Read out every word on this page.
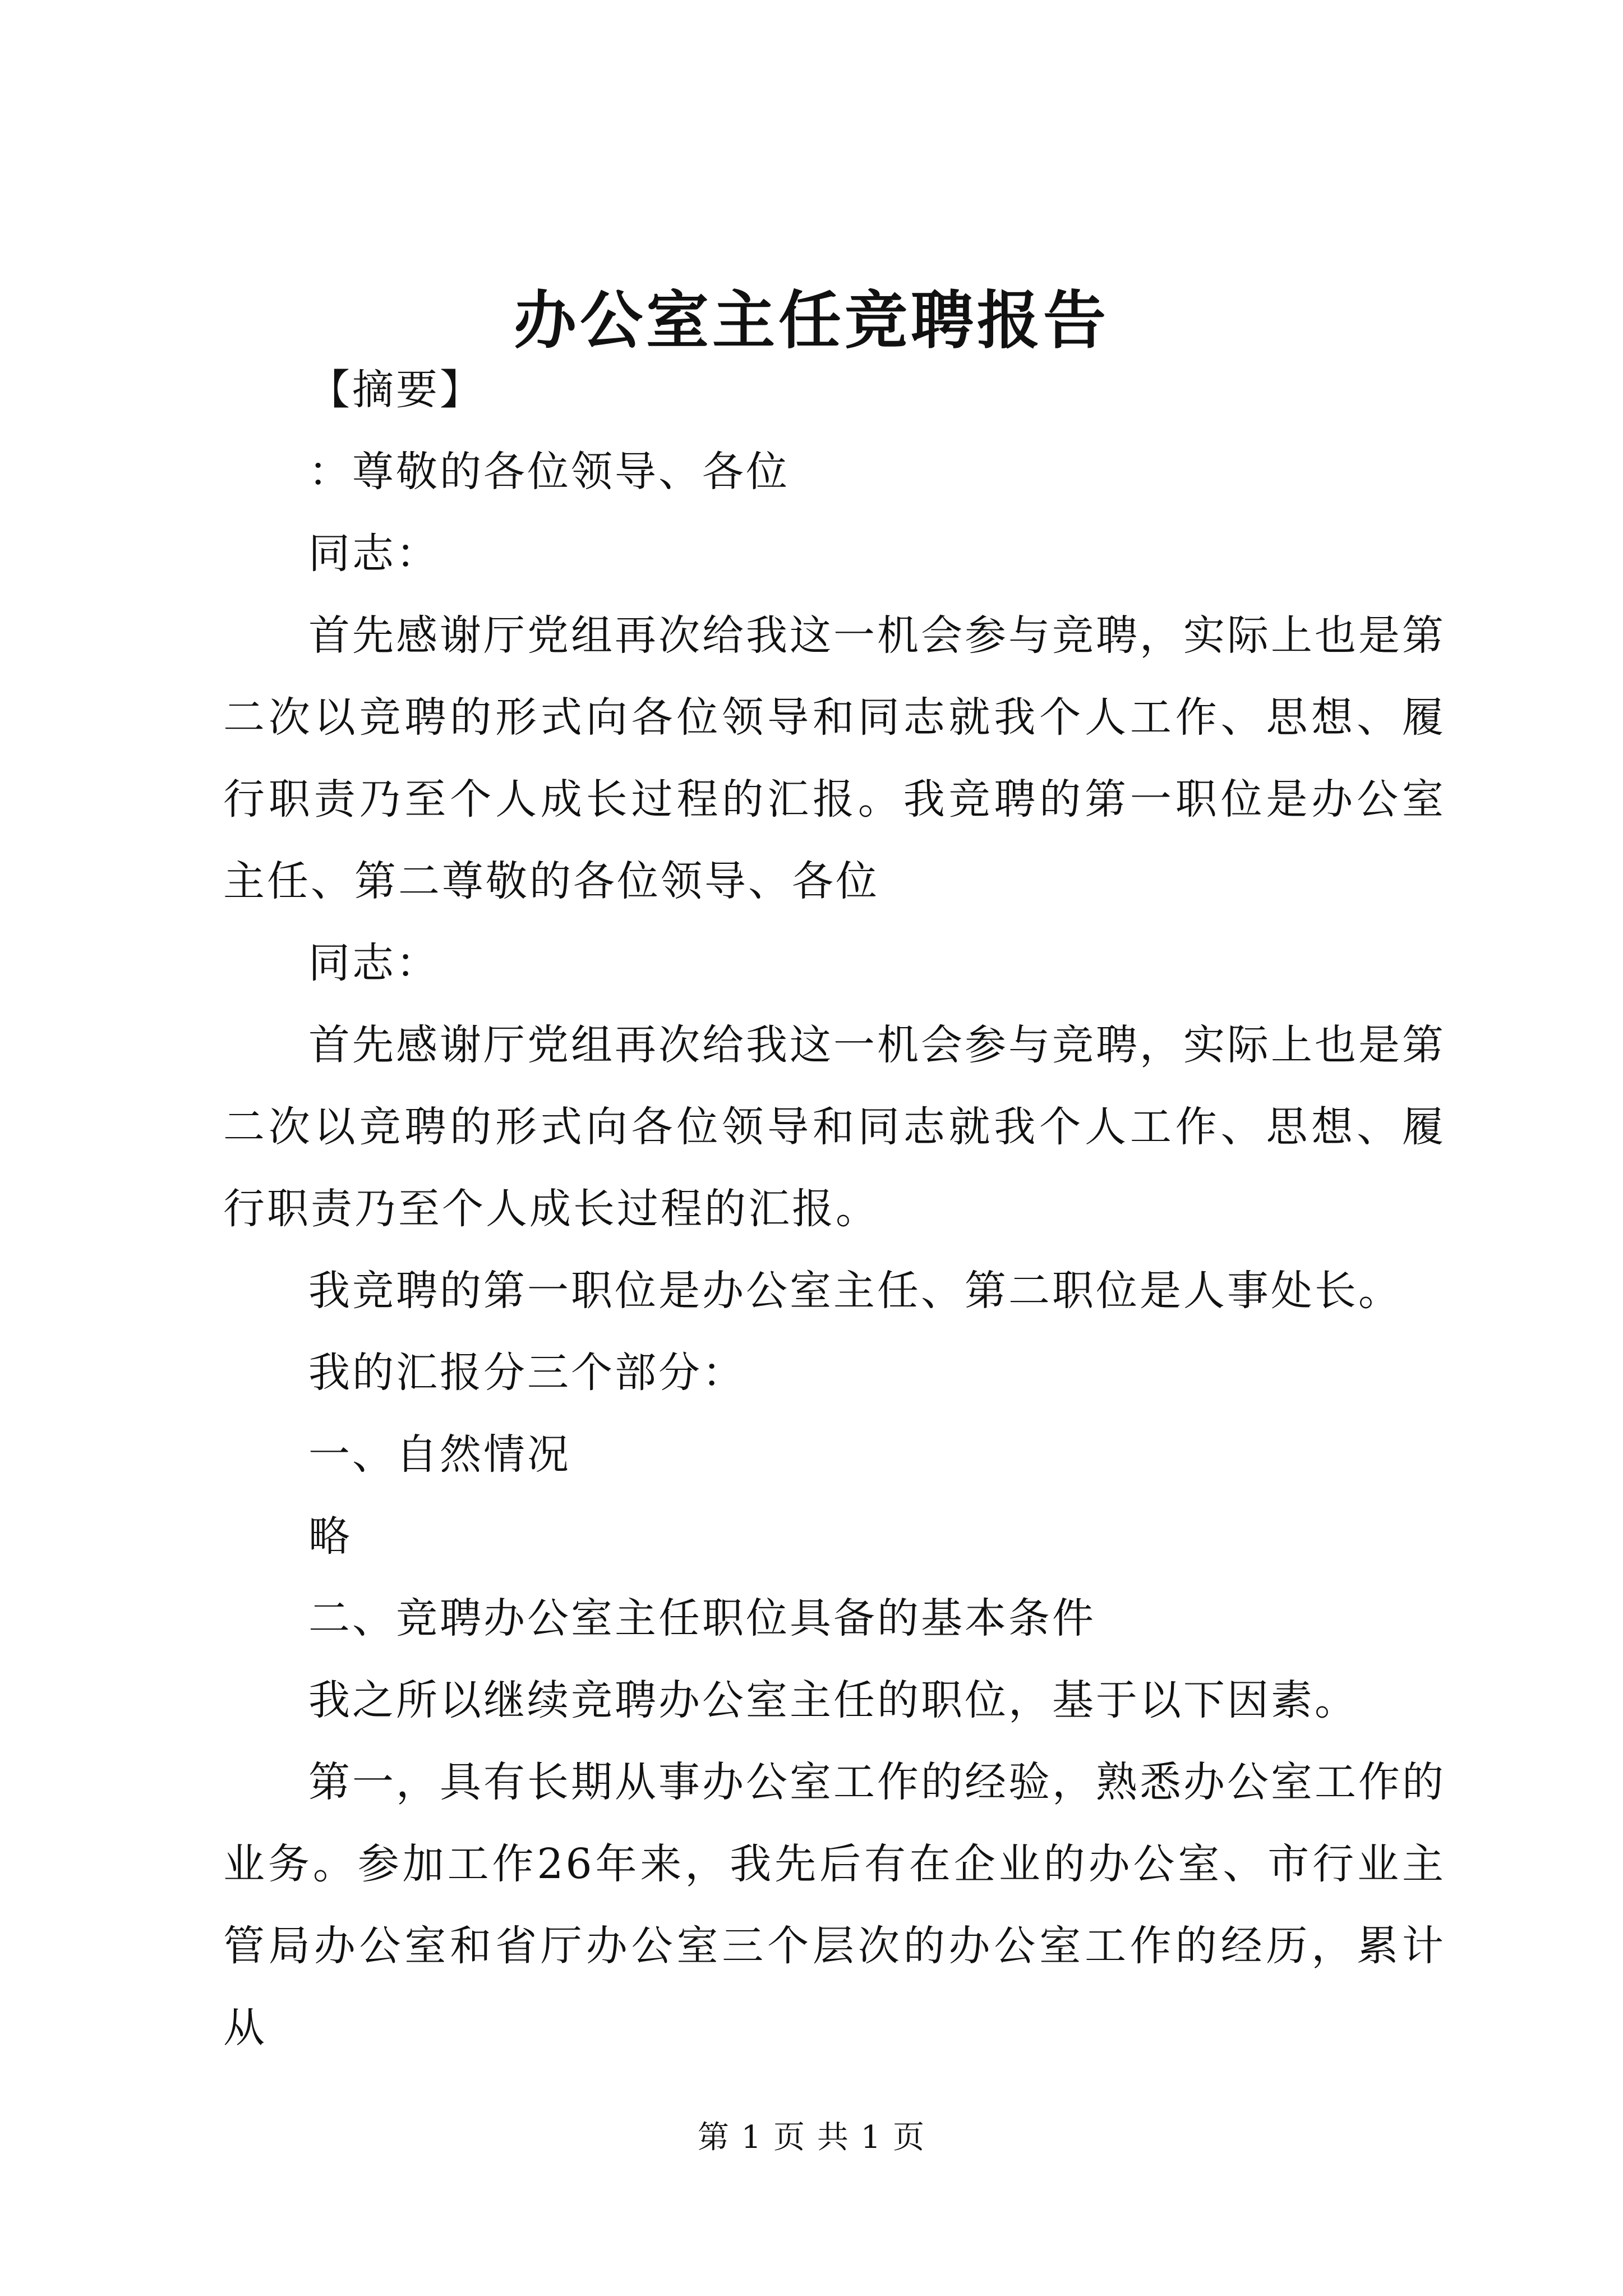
办公室主任竞聘报告

【摘要】

：尊敬的各位领导、各位

同志：

首先感谢厅党组再次给我这一机会参与竞聘，实际上也是第二次以竞聘的形式向各位领导和同志就我个人工作、思想、履行职责乃至个人成长过程的汇报。我竞聘的第一职位是办公室主任、第二尊敬的各位领导、各位

同志：

首先感谢厅党组再次给我这一机会参与竞聘，实际上也是第二次以竞聘的形式向各位领导和同志就我个人工作、思想、履行职责乃至个人成长过程的汇报。

我竞聘的第一职位是办公室主任、第二职位是人事处长。

我的汇报分三个部分：

一、自然情况

略

二、竞聘办公室主任职位具备的基本条件

我之所以继续竞聘办公室主任的职位，基于以下因素。

第一，具有长期从事办公室工作的经验，熟悉办公室工作的业务。参加工作26年来，我先后有在企业的办公室、市行业主管局办公室和省厅办公室三个层次的办公室工作的经历，累计从

第 1 页 共 1 页
